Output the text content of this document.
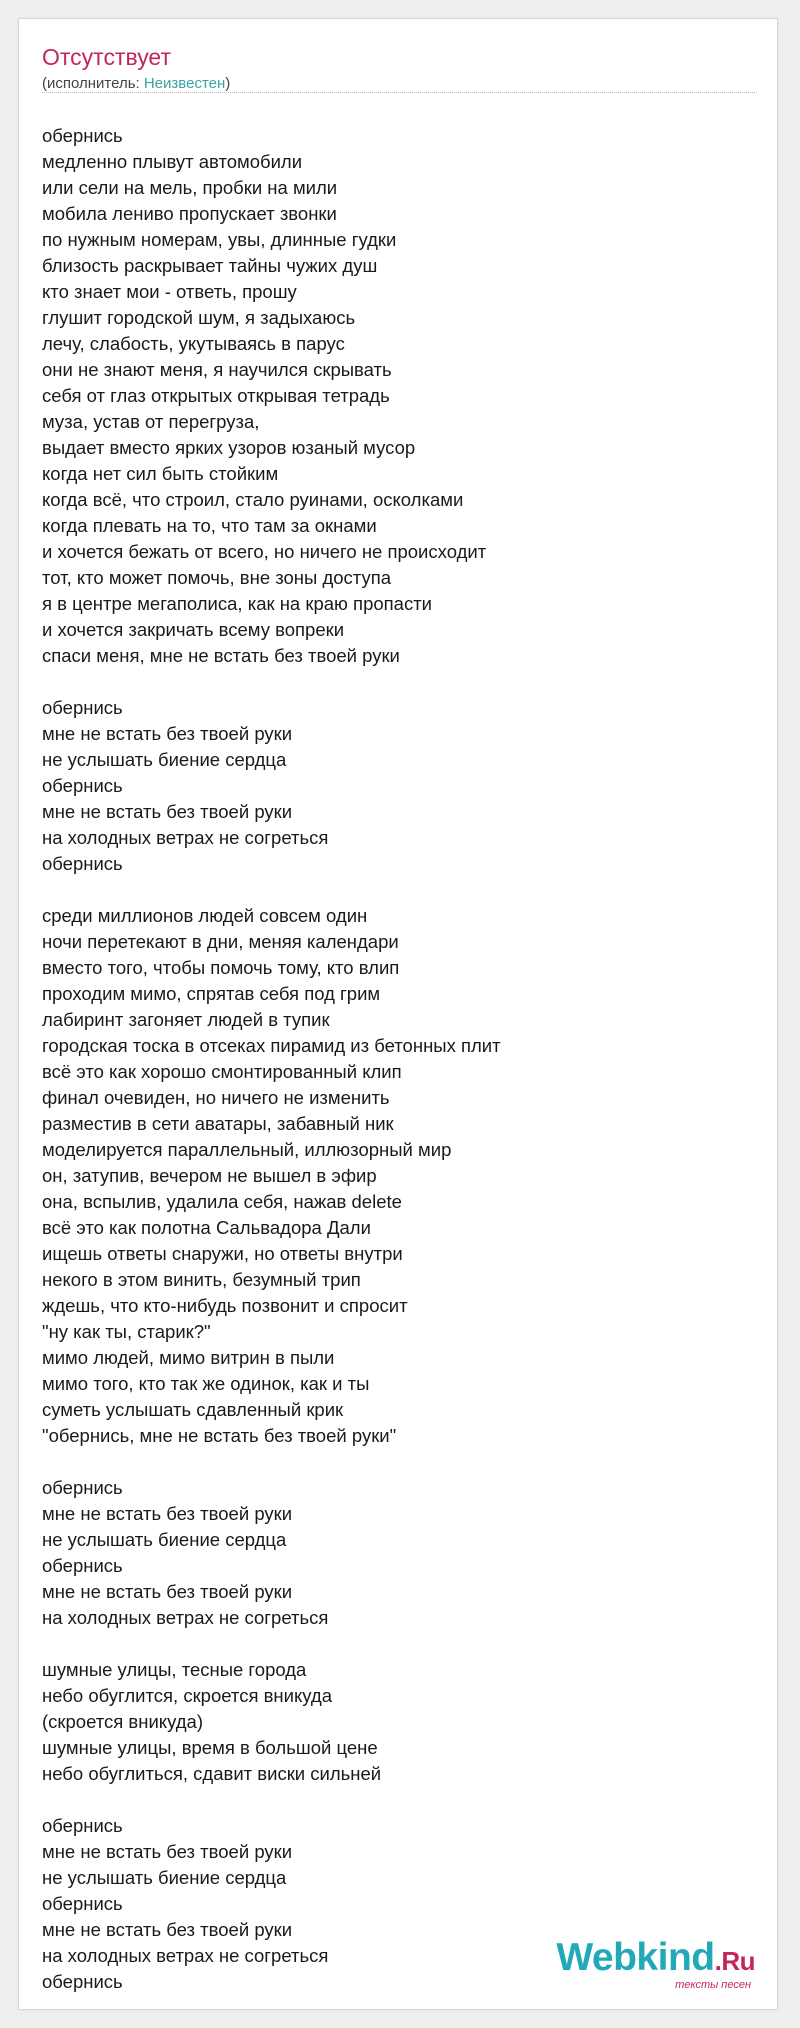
Отсутствует
(исполнитель: Неизвестен)
обернись
медленно плывут автомобили
или сели на мель, пробки на мили
мобила лениво пропускает звонки
по нужным номерам, увы, длинные гудки
близость раскрывает тайны чужих душ
кто знает мои - ответь, прошу
глушит городской шум, я задыхаюсь
лечу, слабость, укутываясь в парус
они не знают меня, я научился скрывать
себя от глаз открытых открывая тетрадь
муза, устав от перегруза,
выдает вместо ярких узоров юзаный мусор
когда нет сил быть стойким
когда всё, что строил, стало руинами, осколками
когда плевать на то, что там за окнами
и хочется бежать от всего, но ничего не происходит
тот, кто может помочь, вне зоны доступа
я в центре мегаполиса, как на краю пропасти
и хочется закричать всему вопреки
спаси меня, мне не встать без твоей руки
обернись
мне не встать без твоей руки
не услышать биение сердца
обернись
мне не встать без твоей руки
на холодных ветрах не согреться
обернись
среди миллионов людей совсем один
ночи перетекают в дни, меняя календари
вместо того, чтобы помочь тому, кто влип
проходим мимо, спрятав себя под грим
лабиринт загоняет людей в тупик
городская тоска в отсеках пирамид из бетонных плит
всё это как хорошо смонтированный клип
финал очевиден, но ничего не изменить
разместив в сети аватары, забавный ник
моделируется параллельный, иллюзорный мир
он, затупив, вечером не вышел в эфир
она, вспылив, удалила себя, нажав delete
всё это как полотна Сальвадора Дали
ищешь ответы снаружи, но ответы внутри
некого в этом винить, безумный трип
ждешь, что кто-нибудь позвонит и спросит
"ну как ты, старик?"
мимо людей, мимо витрин в пыли
мимо того, кто так же одинок, как и ты
суметь услышать сдавленный крик
"обернись, мне не встать без твоей руки"
обернись
мне не встать без твоей руки
не услышать биение сердца
обернись
мне не встать без твоей руки
на холодных ветрах не согреться
шумные улицы, тесные города
небо обуглится, скроется вникуда
(скроется вникуда)
шумные улицы, время в большой цене
небо обуглиться, сдавит виски сильней
обернись
мне не встать без твоей руки
не услышать биение сердца
обернись
мне не встать без твоей руки
на холодных ветрах не согреться
обернись
Webkind.Ru
тексты песен
